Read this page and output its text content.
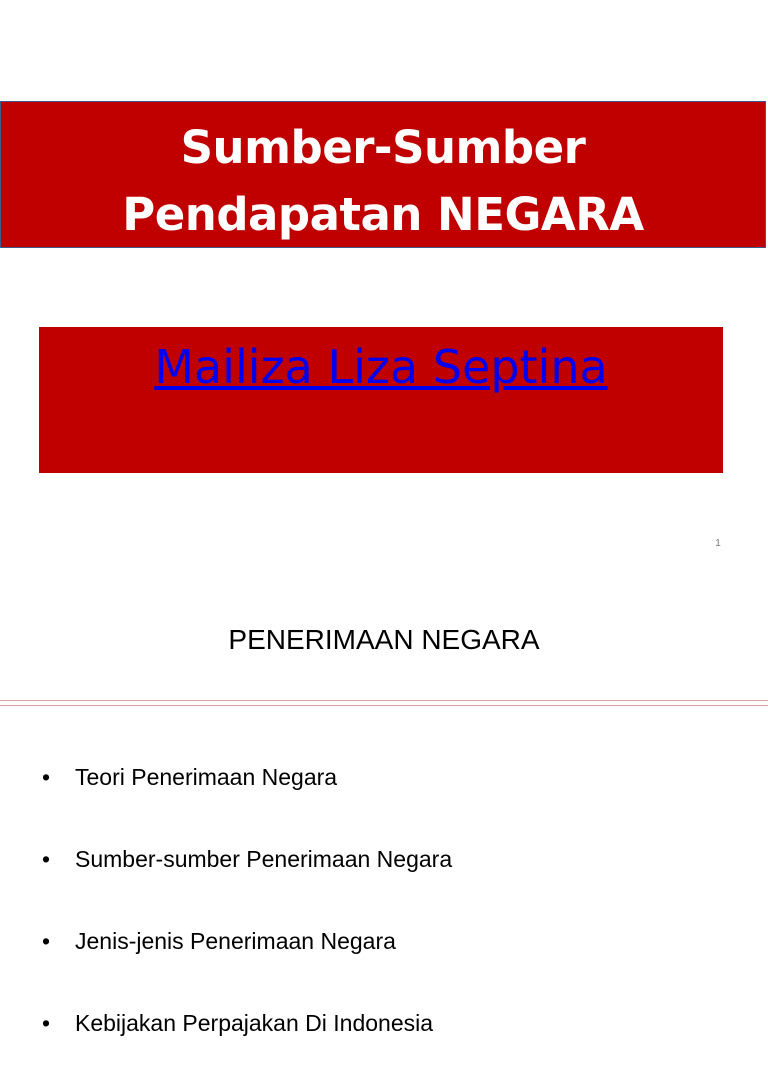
Sumber-Sumber
Pendapatan NEGARA
Mailiza Liza Septina
1
PENERIMAAN NEGARA
•	Teori Penerimaan Negara
•	Sumber-sumber Penerimaan Negara
•	Jenis-jenis Penerimaan Negara
•	Kebijakan Perpajakan Di Indonesia
